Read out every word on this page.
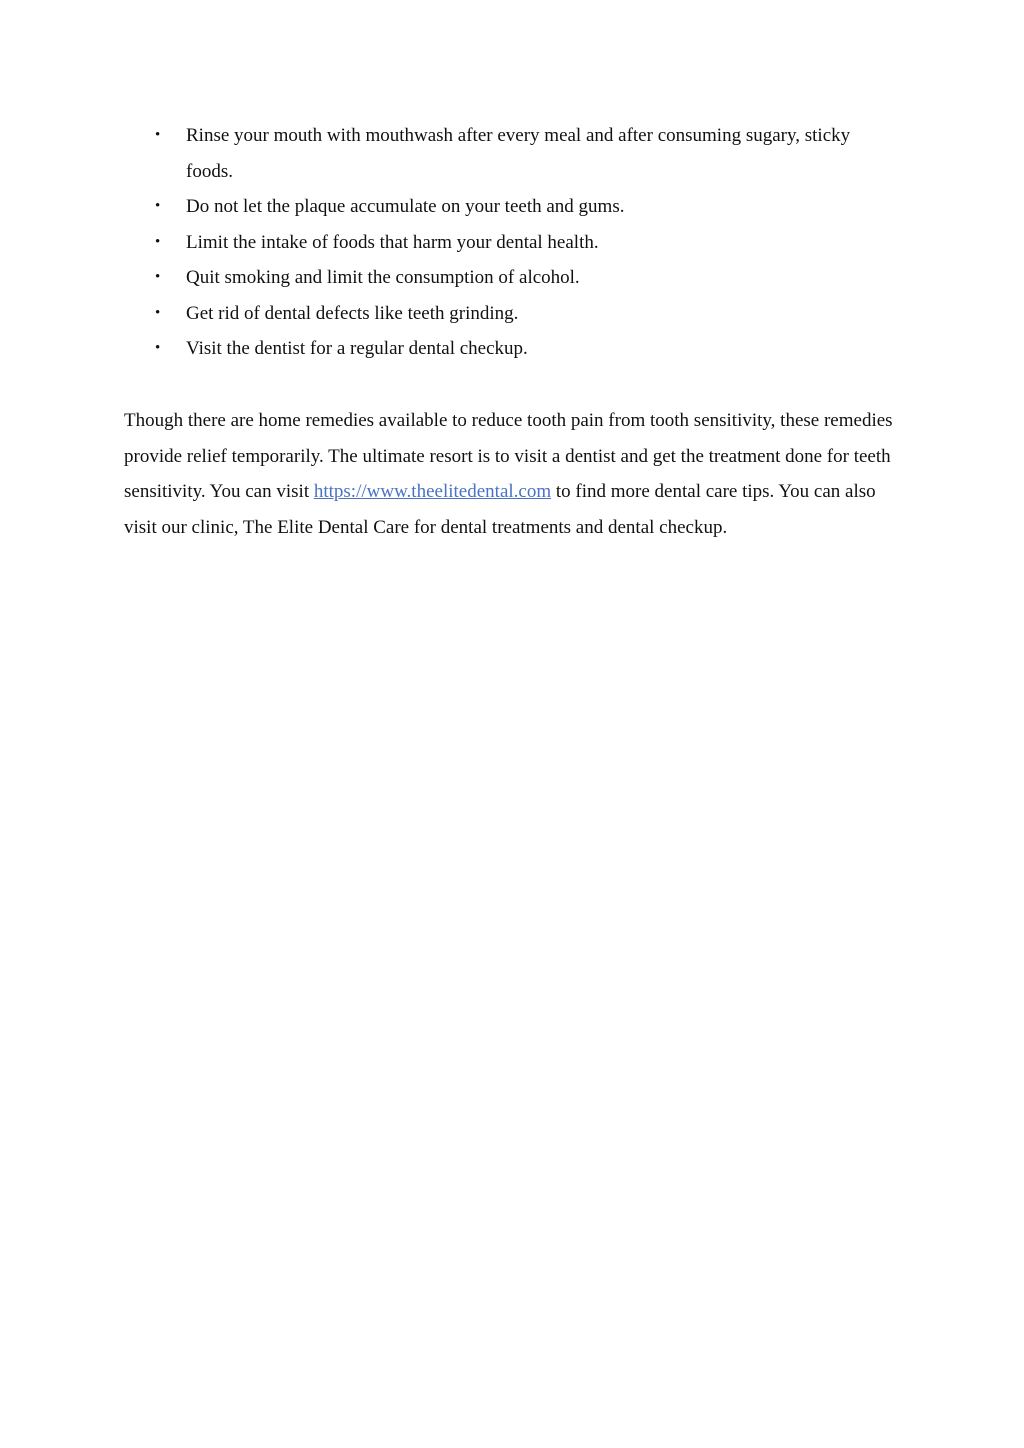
• Rinse your mouth with mouthwash after every meal and after consuming sugary, sticky foods.
• Do not let the plaque accumulate on your teeth and gums.
• Limit the intake of foods that harm your dental health.
• Quit smoking and limit the consumption of alcohol.
• Get rid of dental defects like teeth grinding.
• Visit the dentist for a regular dental checkup.

Though there are home remedies available to reduce tooth pain from tooth sensitivity, these remedies provide relief temporarily. The ultimate resort is to visit a dentist and get the treatment done for teeth sensitivity. You can visit https://www.theelitedental.com to find more dental care tips. You can also visit our clinic, The Elite Dental Care for dental treatments and dental checkup.
